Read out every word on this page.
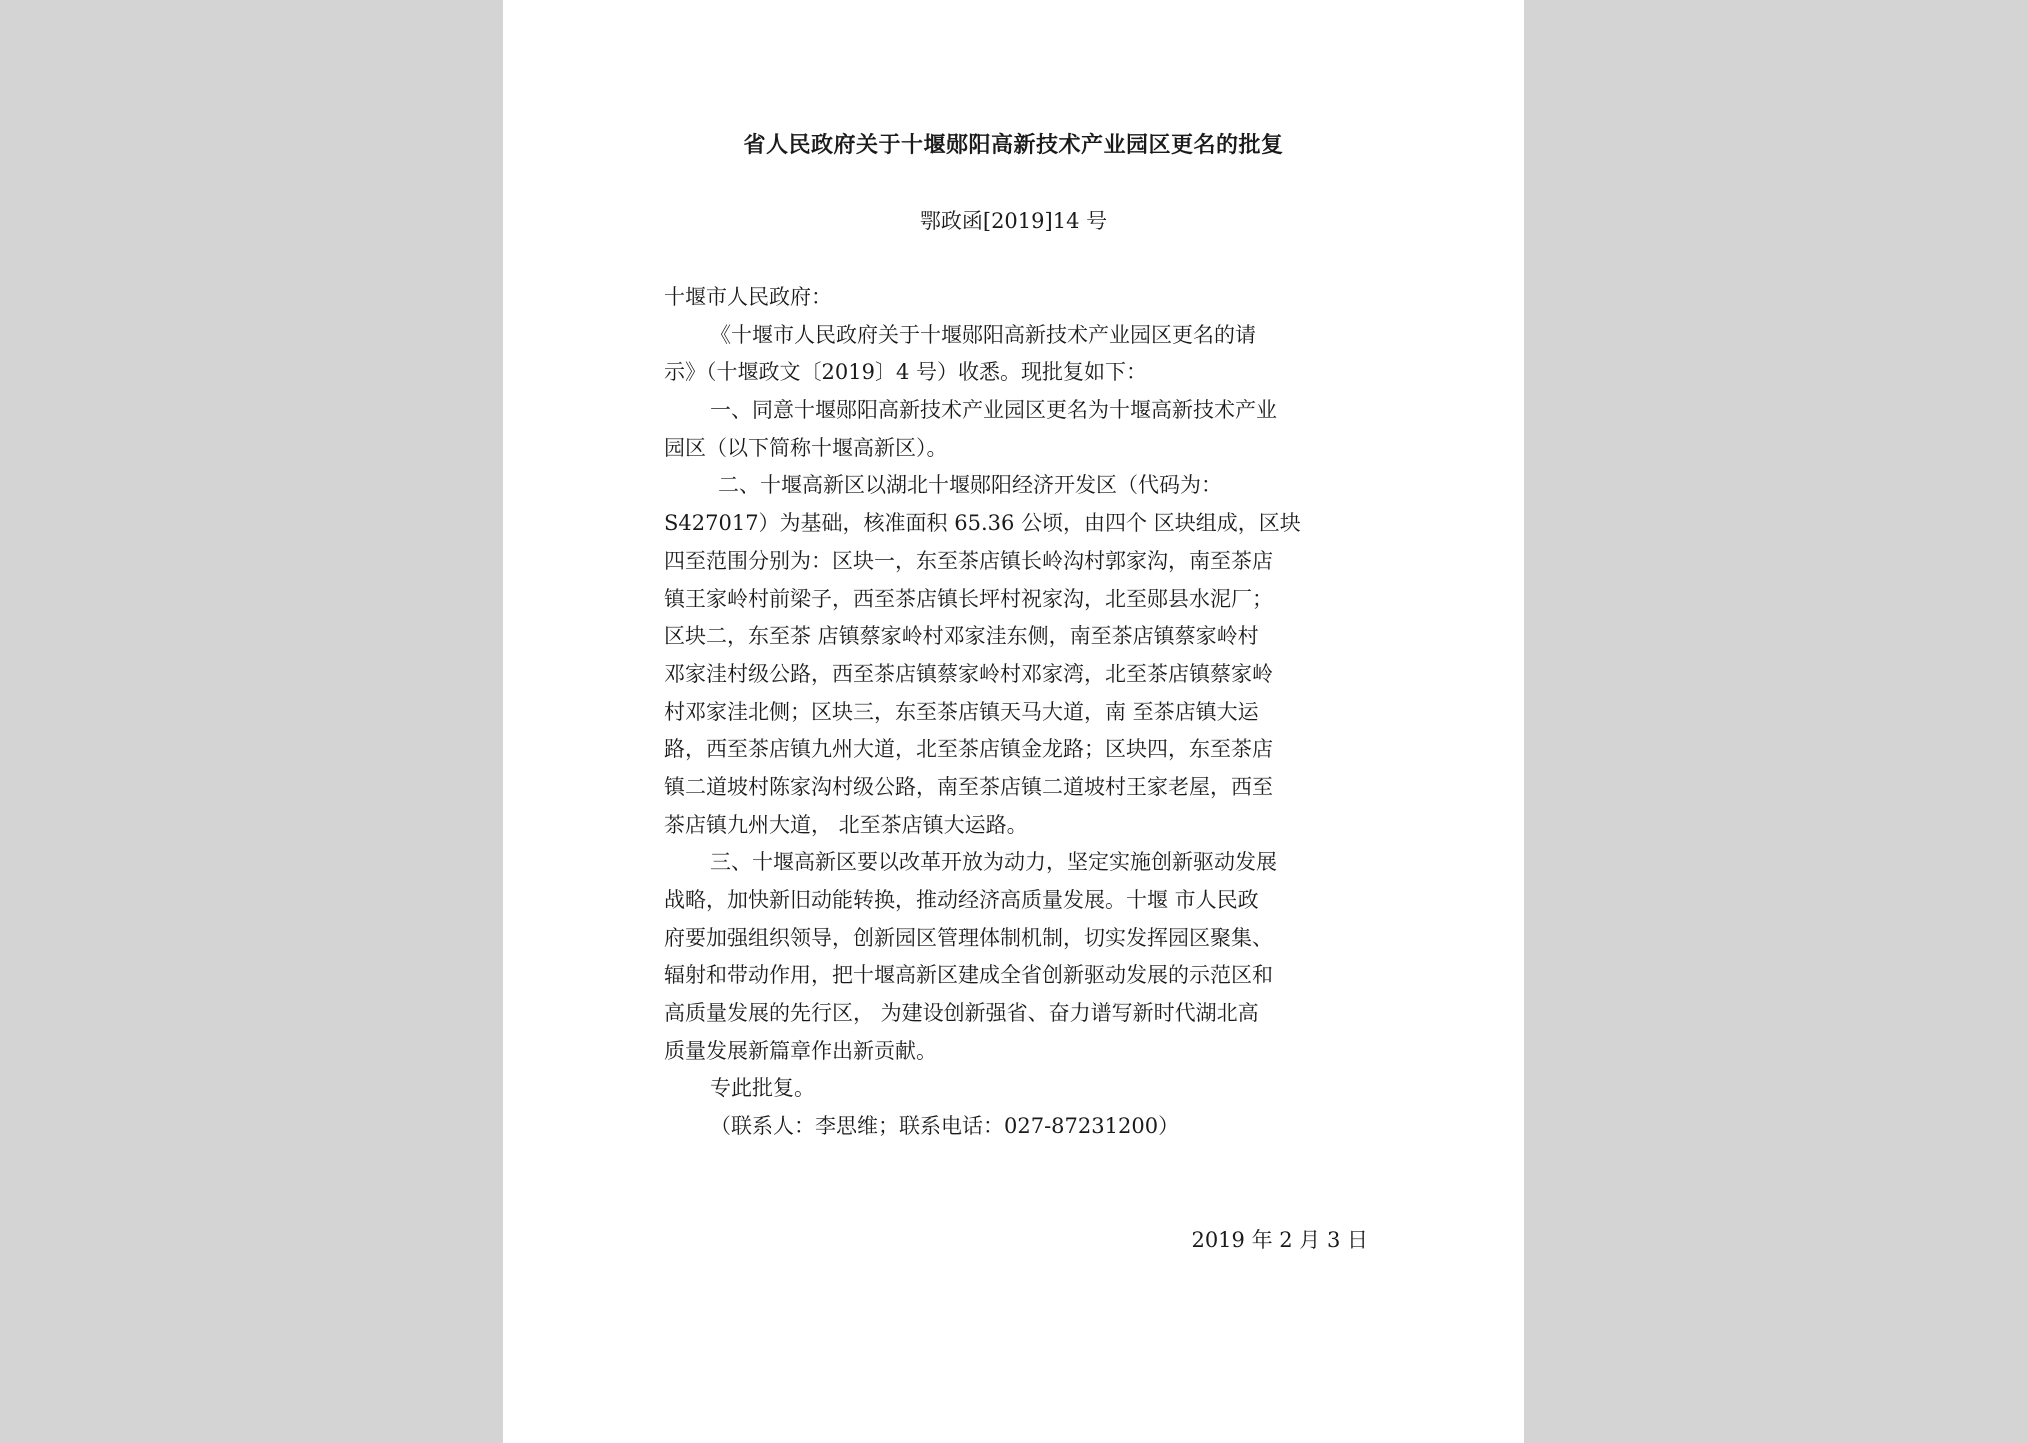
省人民政府关于十堰郧阳高新技术产业园区更名的批复
鄂政函[2019]14 号
十堰市人民政府：
《十堰市人民政府关于十堰郧阳高新技术产业园区更名的请
示》（十堰政文〔2019〕4 号）收悉。现批复如下：
一、同意十堰郧阳高新技术产业园区更名为十堰高新技术产业
园区（以下简称十堰高新区）。
二、十堰高新区以湖北十堰郧阳经济开发区（代码为：
S427017）为基础，核准面积 65.36 公顷，由四个 区块组成，区块
四至范围分别为：区块一，东至茶店镇长岭沟村郭家沟，南至茶店
镇王家岭村前梁子，西至茶店镇长坪村祝家沟，北至郧县水泥厂；
区块二，东至茶 店镇蔡家岭村邓家洼东侧，南至茶店镇蔡家岭村
邓家洼村级公路，西至茶店镇蔡家岭村邓家湾，北至茶店镇蔡家岭
村邓家洼北侧；区块三，东至茶店镇天马大道，南 至茶店镇大运
路，西至茶店镇九州大道，北至茶店镇金龙路；区块四，东至茶店
镇二道坡村陈家沟村级公路，南至茶店镇二道坡村王家老屋，西至
茶店镇九州大道， 北至茶店镇大运路。
三、十堰高新区要以改革开放为动力，坚定实施创新驱动发展
战略，加快新旧动能转换，推动经济高质量发展。十堰 市人民政
府要加强组织领导，创新园区管理体制机制，切实发挥园区聚集、
辐射和带动作用，把十堰高新区建成全省创新驱动发展的示范区和
高质量发展的先行区， 为建设创新强省、奋力谱写新时代湖北高
质量发展新篇章作出新贡献。
专此批复。
（联系人：李思维；联系电话：027-87231200）
2019 年 2 月 3 日
